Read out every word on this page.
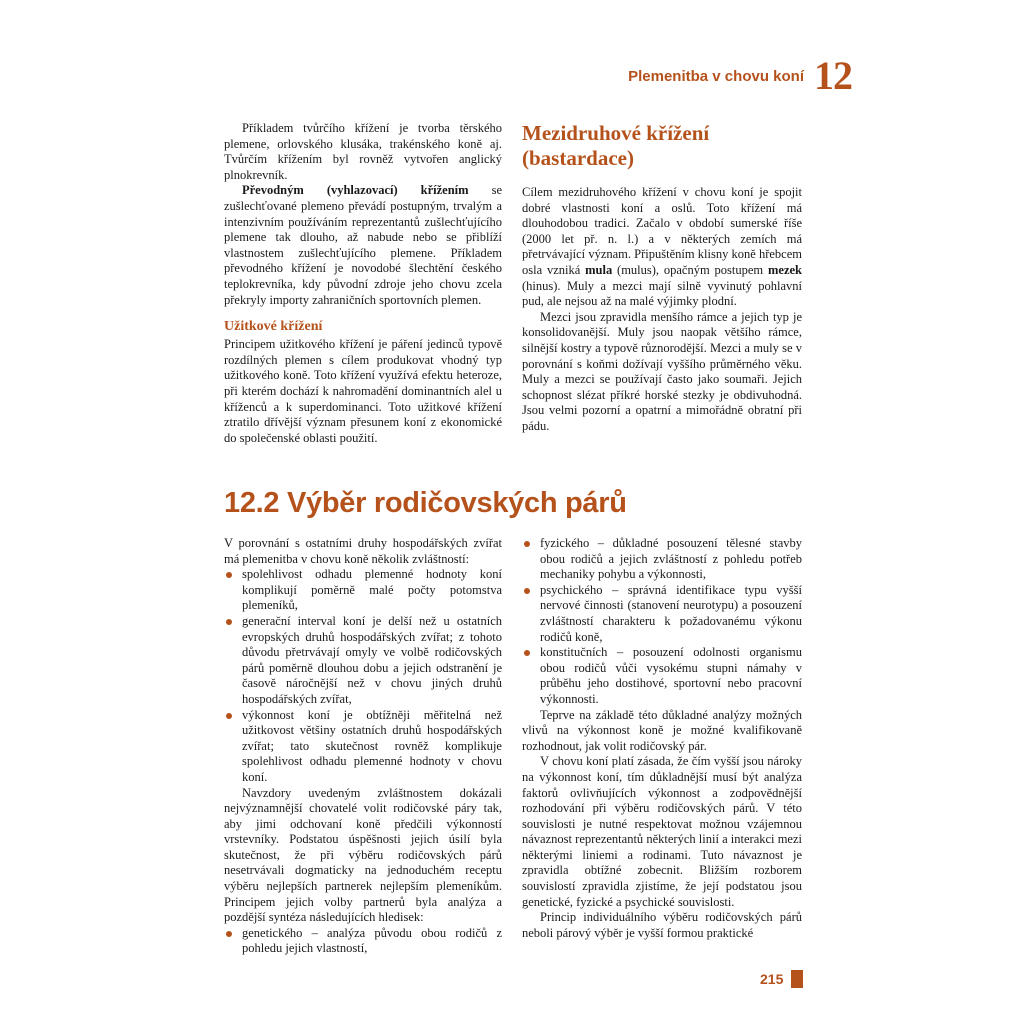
Plemenitba v chovu koní 12

Příkladem tvůrčího křížení je tvorba těrského plemene, orlovského klusáka, trakénského koně aj. Tvůrčím křížením byl rovněž vytvořen anglický plnokrevník.

Převodným (vyhlazovací) křížením se zušlechťované plemeno převádí postupným, trvalým a intenzivním používáním reprezentantů zušlechťujícího plemene tak dlouho, až nabude nebo se přiblíží vlastnostem zušlechťujícího plemene. Příkladem převodného křížení je novodobé šlechtění českého teplokrevníka, kdy původní zdroje jeho chovu zcela překryly importy zahraničních sportovních plemen.

Užitkové křížení

Principem užitkového křížení je páření jedinců typově rozdílných plemen s cílem produkovat vhodný typ užitkového koně. Toto křížení využívá efektu heteroze, při kterém dochází k nahromadění dominantních alel u kříženců a k superdominanci. Toto užitkové křížení ztratilo dřívější význam přesunem koní z ekonomické do společenské oblasti použití.

Mezidruhové křížení
(bastardace)

Cílem mezidruhového křížení v chovu koní je spojit dobré vlastnosti koní a oslů. Toto křížení má dlouhodobou tradici. Začalo v období sumerské říše (2000 let př. n. l.) a v některých zemích má přetrvávající význam. Připuštěním klisny koně hřebcem osla vzniká mula (mulus), opačným postupem mezek (hinus). Muly a mezci mají silně vyvinutý pohlavní pud, ale nejsou až na malé výjimky plodní.

Mezci jsou zpravidla menšího rámce a jejich typ je konsolidovanější. Muly jsou naopak většího rámce, silnější kostry a typově různorodější. Mezci a muly se v porovnání s koňmi dožívají vyššího průměrného věku. Muly a mezci se používají často jako soumaři. Jejich schopnost slézat příkré horské stezky je obdivuhodná. Jsou velmi pozorní a opatrní a mimořádně obratní při pádu.

12.2 Výběr rodičovských párů

V porovnání s ostatními druhy hospodářských zvířat má plemenitba v chovu koně několik zvláštností:

spolehlivost odhadu plemenné hodnoty koní komplikují poměrně malé počty potomstva plemeníků,
generační interval koní je delší než u ostatních evropských druhů hospodářských zvířat; z tohoto důvodu přetrvávají omyly ve volbě rodičovských párů poměrně dlouhou dobu a jejich odstranění je časově náročnější než v chovu jiných druhů hospodářských zvířat,
výkonnost koní je obtížněji měřitelná než užitkovost většiny ostatních druhů hospodářských zvířat; tato skutečnost rovněž komplikuje spolehlivost odhadu plemenné hodnoty v chovu koní.

Navzdory uvedeným zvláštnostem dokázali nejvýznamnější chovatelé volit rodičovské páry tak, aby jimi odchovaní koně předčili výkonností vrstevníky. Podstatou úspěšnosti jejich úsilí byla skutečnost, že při výběru rodičovských párů nesetrvávali dogmaticky na jednoduchém receptu výběru nejlepších partnerek nejlepším plemeníkům. Principem jejich volby partnerů byla analýza a pozdější syntéza následujících hledisek:

genetického – analýza původu obou rodičů z pohledu jejich vlastností,
fyzického – důkladné posouzení tělesné stavby obou rodičů a jejich zvláštností z pohledu potřeb mechaniky pohybu a výkonnosti,
psychického – správná identifikace typu vyšší nervové činnosti (stanovení neurotypu) a posouzení zvláštností charakteru k požadovanému výkonu rodičů koně,
konstitučních – posouzení odolnosti organismu obou rodičů vůči vysokému stupni námahy v průběhu jeho dostihové, sportovní nebo pracovní výkonnosti.

Teprve na základě této důkladné analýzy možných vlivů na výkonnost koně je možné kvalifikovaně rozhodnout, jak volit rodičovský pár.

V chovu koní platí zásada, že čím vyšší jsou nároky na výkonnost koní, tím důkladnější musí být analýza faktorů ovlivňujících výkonnost a zodpovědnější rozhodování při výběru rodičovských párů. V této souvislosti je nutné respektovat možnou vzájemnou návaznost reprezentantů některých linií a interakci mezi některými liniemi a rodinami. Tuto návaznost je zpravidla obtížné zobecnit. Bližším rozborem souvislostí zpravidla zjistíme, že její podstatou jsou genetické, fyzické a psychické souvislosti.

Princip individuálního výběru rodičovských párů neboli párový výběr je vyšší formou praktické

215
